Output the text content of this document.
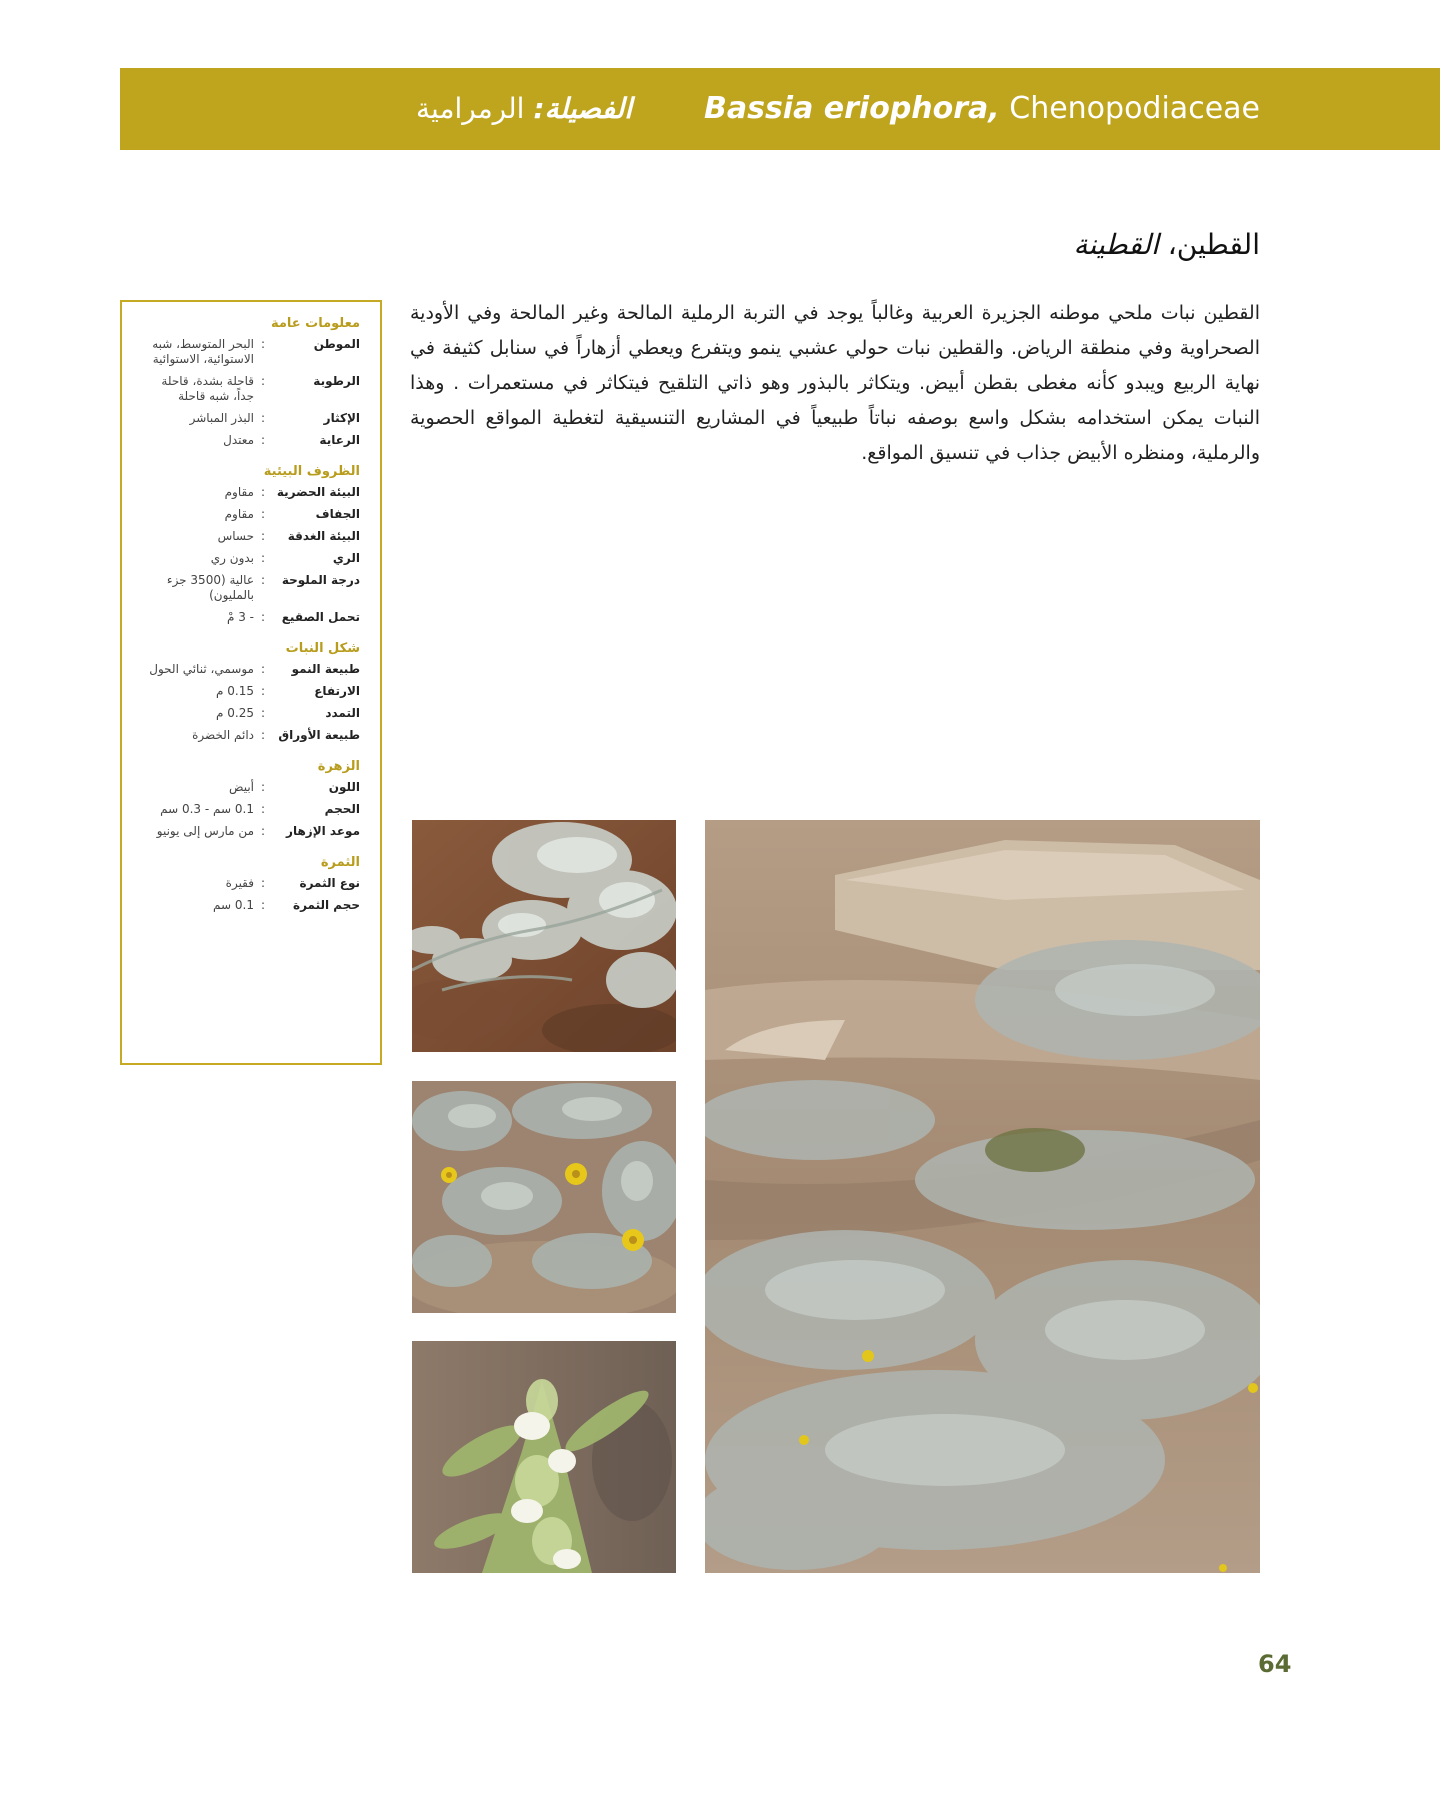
Bassia eriophora, Chenopodiaceae
الفصيلة: الرمرامية
القطين، القطينة

القطين نبات ملحي موطنه الجزيرة العربية وغالباً يوجد في التربة الرملية المالحة وغير المالحة وفي الأودية الصحراوية وفي منطقة الرياض. والقطين نبات حولي عشبي ينمو ويتفرع ويعطي أزهاراً في سنابل كثيفة في نهاية الربيع ويبدو كأنه مغطى بقطن أبيض. ويتكاثر بالبذور وهو ذاتي التلقيح فيتكاثر في مستعمرات . وهذا النبات يمكن استخدامه بشكل واسع بوصفه نباتاً طبيعياً في المشاريع التنسيقية لتغطية المواقع الحصوية والرملية، ومنظره الأبيض جذاب في تنسيق المواقع.

معلومات عامة
الموطن
:
البحر المتوسط، شبه الاستوائية، الاستوائية
الرطوبة
:
قاحلة بشدة، قاحلة جداً، شبه قاحلة
الإكثار
:
البذر المباشر
الرعاية
:
معتدل
الظروف البيئية
البيئة الحضرية
:
مقاوم
الجفاف
:
مقاوم
البيئة الغدقة
:
حساس
الري
:
بدون ري
درجة الملوحة
:
عالية (3500 جزء بالمليون)
تحمل الصقيع
:
- 3 مْ
شكل النبات
طبيعة النمو
:
موسمي، ثنائي الحول
الارتفاع
:
0.15 م
التمدد
:
0.25 م
طبيعة الأوراق
:
دائم الخضرة
الزهرة
اللون
:
أبيض
الحجم
:
0.1 سم - 0.3 سم
موعد الإزهار
:
من مارس إلى يونيو
الثمرة
نوع الثمرة
:
فقيرة
حجم الثمرة
:
0.1 سم
64
